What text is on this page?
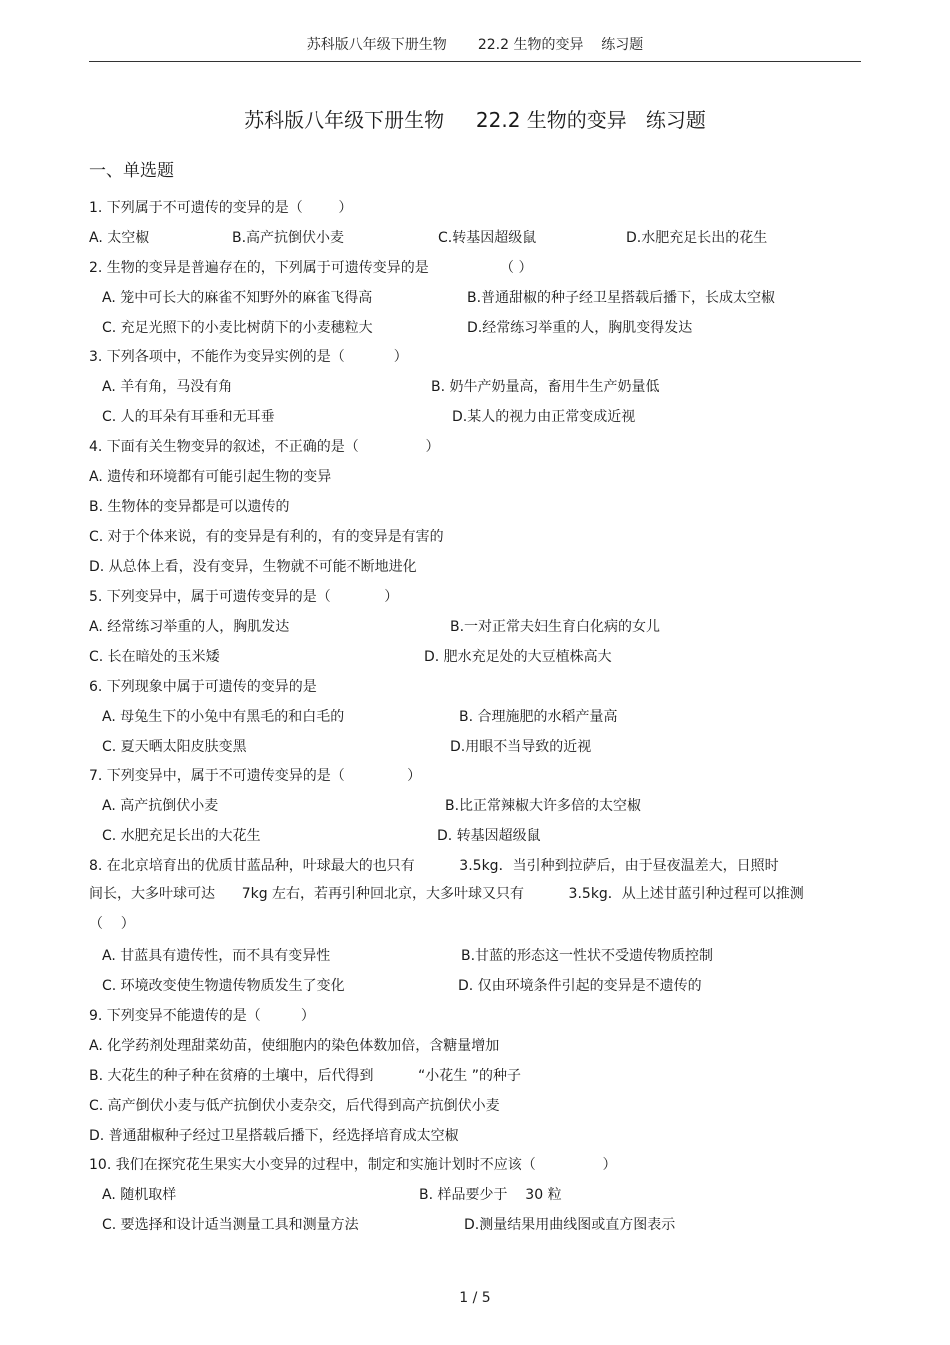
苏科版八年级下册生物       22.2 生物的变异    练习题
苏科版八年级下册生物     22.2 生物的变异   练习题
一、单选题
1. 下列属于不可遗传的变异的是（        ）
A. 太空椒	B.高产抗倒伏小麦	C.转基因超级鼠	D.水肥充足长出的花生
2. 生物的变异是普遍存在的，下列属于可遗传变异的是                （ ）
A. 笼中可长大的麻雀不知野外的麻雀飞得高	B.普通甜椒的种子经卫星搭载后播下，长成太空椒
C. 充足光照下的小麦比树荫下的小麦穗粒大	D.经常练习举重的人，胸肌变得发达
3. 下列各项中，不能作为变异实例的是（           ）
A. 羊有角，马没有角	B. 奶牛产奶量高，畜用牛生产奶量低
C. 人的耳朵有耳垂和无耳垂	D.某人的视力由正常变成近视
4. 下面有关生物变异的叙述，不正确的是（               ）
A. 遗传和环境都有可能引起生物的变异
B. 生物体的变异都是可以遗传的
C. 对于个体来说，有的变异是有利的，有的变异是有害的
D. 从总体上看，没有变异，生物就不可能不断地进化
5. 下列变异中，属于可遗传变异的是（            ）
A. 经常练习举重的人，胸肌发达	B.一对正常夫妇生育白化病的女儿
C. 长在暗处的玉米矮	D. 肥水充足处的大豆植株高大
6. 下列现象中属于可遗传的变异的是
A. 母兔生下的小兔中有黑毛的和白毛的	B. 合理施肥的水稻产量高
C. 夏天晒太阳皮肤变黑	D.用眼不当导致的近视
7. 下列变异中，属于不可遗传变异的是（              ）
A. 高产抗倒伏小麦	B.比正常辣椒大许多倍的太空椒
C. 水肥充足长出的大花生	D. 转基因超级鼠
8. 在北京培育出的优质甘蓝品种，叶球最大的也只有          3.5kg．当引种到拉萨后，由于昼夜温差大，日照时
间长，大多叶球可达      7kg 左右，若再引种回北京，大多叶球又只有          3.5kg．从上述甘蓝引种过程可以推测
（    ）
A. 甘蓝具有遗传性，而不具有变异性	B.甘蓝的形态这一性状不受遗传物质控制
C. 环境改变使生物遗传物质发生了变化	D. 仅由环境条件引起的变异是不遗传的
9. 下列变异不能遗传的是（         ）
A. 化学药剂处理甜菜幼苗，使细胞内的染色体数加倍，含糖量增加
B. 大花生的种子种在贫瘠的土壤中，后代得到          “小花生 ”的种子
C. 高产倒伏小麦与低产抗倒伏小麦杂交，后代得到高产抗倒伏小麦
D. 普通甜椒种子经过卫星搭载后播下，经选择培育成太空椒
10. 我们在探究花生果实大小变异的过程中，制定和实施计划时不应该（               ）
A. 随机取样	B. 样品要少于    30 粒
C. 要选择和设计适当测量工具和测量方法	D.测量结果用曲线图或直方图表示
1 / 5
